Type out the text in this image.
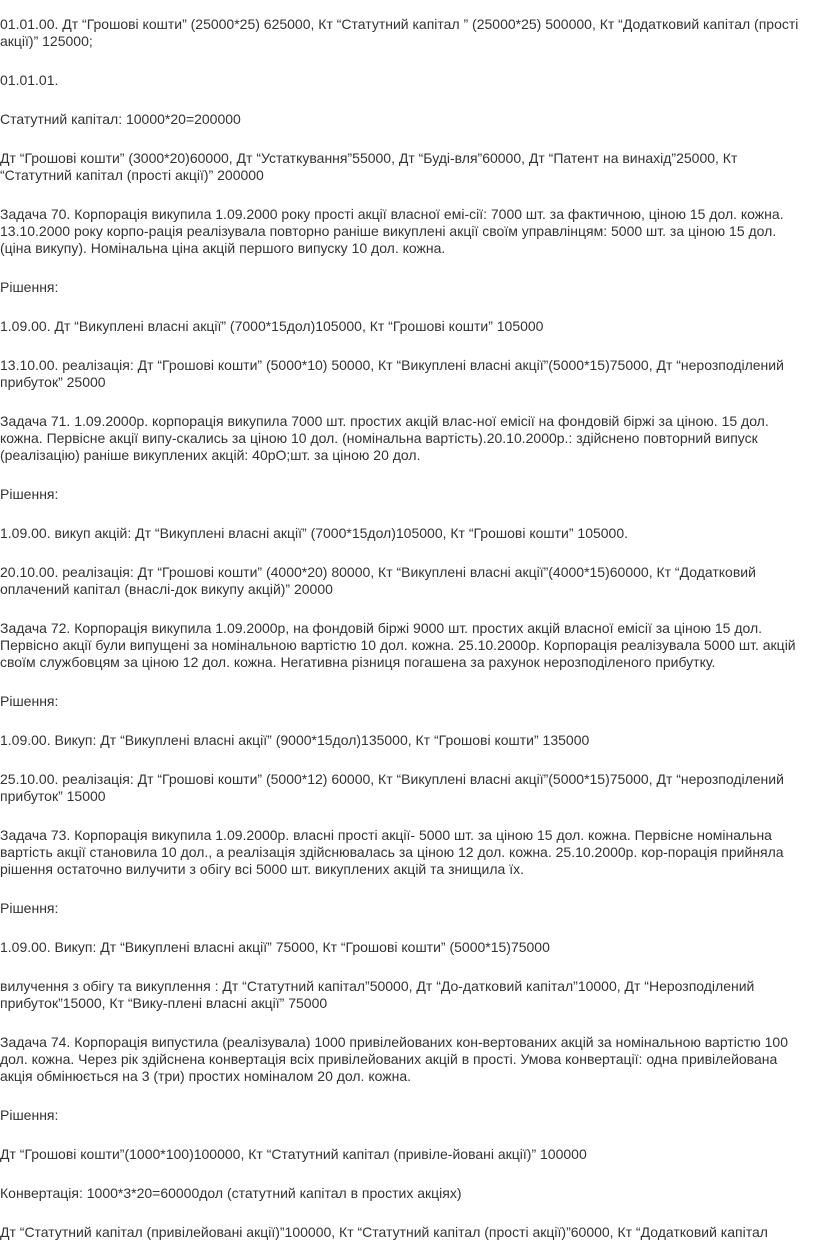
01.01.00. Дт “Грошові кошти” (25000*25) 625000, Кт “Статутний капітал ” (25000*25) 500000, Кт “Додатковий капітал (прості акції)” 125000;

01.01.01.

Статутний капітал: 10000*20=200000

Дт “Грошові кошти” (3000*20)60000, Дт “Устаткування”55000, Дт “Буді-вля”60000, Дт “Патент на винахід”25000, Кт “Статутний капітал (прості акції)” 200000

Задача 70. Корпорація викупила 1.09.2000 року прості акції власної емі-сії: 7000 шт. за фактичною, ціною 15 дол. кожна. 13.10.2000 року корпо-рація реалізувала повторно раніше викуплені акції своїм управлінцям: 5000 шт. за ціною 15 дол. (ціна викупу). Номінальна ціна акцій першого випуску 10 дол. кожна.

Рішення:

1.09.00. Дт “Викуплені власні акції” (7000*15дол)105000, Кт “Грошові кошти” 105000

13.10.00. реалізація: Дт “Грошові кошти” (5000*10) 50000, Кт “Викуплені власні акції”(5000*15)75000, Дт “нерозподілений прибуток” 25000

Задача 71. 1.09.2000р. корпорація викупила 7000 шт. простих акцій влас-ної емісії на фондовій біржі за ціною. 15 дол. кожна. Первісне акції випу-скались за ціною 10 дол. (номінальна вартість).20.10.2000р.: здійснено повторний випуск (реалізацію) раніше викуплених акцій: 40рО;шт. за ціною 20 дол.

Рішення:

1.09.00. викуп акцій: Дт “Викуплені власні акції” (7000*15дол)105000, Кт “Грошові кошти” 105000.

20.10.00. реалізація: Дт “Грошові кошти” (4000*20) 80000, Кт “Викуплені власні акції”(4000*15)60000, Кт “Додатковий оплачений капітал (внаслі-док викупу акцій)” 20000

Задача 72. Корпорація викупила 1.09.2000р, на фондовій біржі 9000 шт. простих акцій власної емісії за ціною 15 дол. Первісно акції були випущені за номінальною вартістю 10 дол. кожна. 25.10.2000р. Корпорація реалізувала 5000 шт. акцій своїм службовцям за ціною 12 дол. кожна. Негативна різниця погашена за рахунок нерозподіленого прибутку.

Рішення:

1.09.00. Викуп: Дт “Викуплені власні акції” (9000*15дол)135000, Кт “Грошові кошти” 135000

25.10.00. реалізація: Дт “Грошові кошти” (5000*12) 60000, Кт “Викуплені власні акції”(5000*15)75000, Дт “нерозподілений прибуток” 15000

Задача 73. Корпорація викупила 1.09.2000р. власні прості акції- 5000 шт. за ціною 15 дол. кожна. Первісне номінальна вартість акції становила 10 дол., а реалізація здійснювалась за ціною 12 дол. кожна. 25.10.2000р. кор-порація прийняла рішення остаточно вилучити з обігу всі 5000 шт. викуплених акцій та знищила їх.

Рішення:

1.09.00. Викуп: Дт “Викуплені власні акції” 75000, Кт “Грошові кошти” (5000*15)75000

вилучення з обігу та викуплення : Дт “Статутний капітал”50000, Дт “До-датковий капітал”10000, Дт “Нерозподілений прибуток”15000, Кт “Вику-плені власні акції” 75000

Задача 74. Корпорація випустила (реалізувала) 1000 привілейованих кон-вертованих акцій за номінальною вартістю 100 дол. кожна. Через рік здійснена конвертація всіх привілейованих акцій в прості. Умова конвертації: одна привілейована акція обмінюється на 3 (три) простих номіналом 20 дол. кожна.

Рішення:

Дт “Грошові кошти”(1000*100)100000, Кт “Статутний капітал (привіле-йовані акції)” 100000

Конвертація: 1000*3*20=60000дол (статутний капітал в простих акціях)

Дт “Статутний капітал (привілейовані акції)”100000, Кт “Статутний капітал (прості акції)”60000, Кт “Додатковий капітал
